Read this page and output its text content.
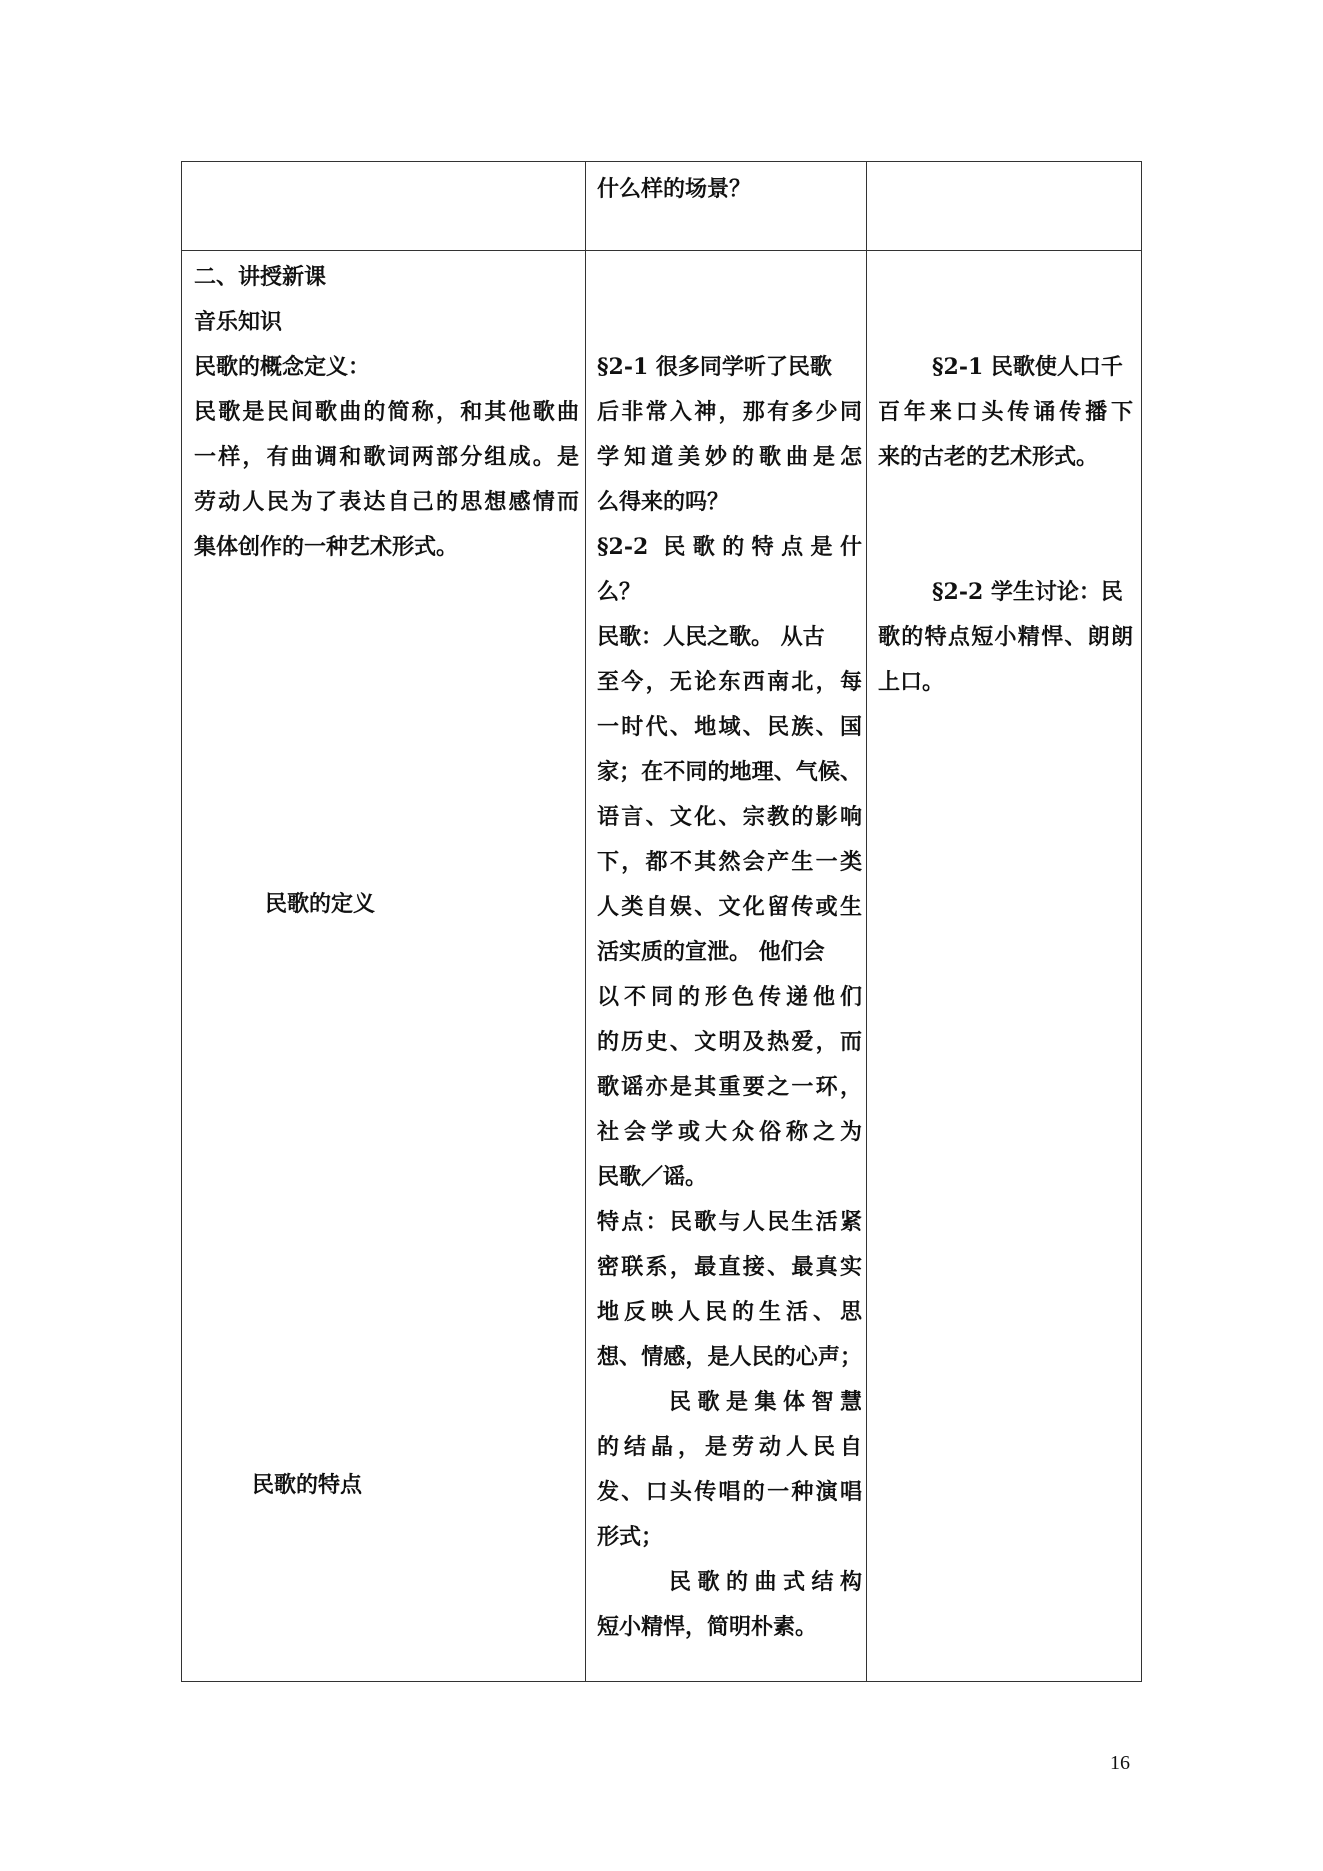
什么样的场景？
二、讲授新课
音乐知识
民歌的概念定义：
民歌是民间歌曲的简称，和其他歌曲
一样，有曲调和歌词两部分组成。是
劳动人民为了表达自己的思想感情而
集体创作的一种艺术形式。
民歌的定义
民歌的特点
§2-1 很多同学听了民歌
后非常入神，那有多少同
学知道美妙的歌曲是怎
么得来的吗？
§2-2 民歌的特点是什
么？
民歌：人民之歌。 从古
至今，无论东西南北，每
一时代、地域、民族、国
家；在不同的地理、气候、
语言、文化、宗教的影响
下，都不其然会产生一类
人类自娱、文化留传或生
活实质的宣泄。 他们会
以不同的形色传递他们
的历史、文明及热爱，而
歌谣亦是其重要之一环，
社会学或大众俗称之为
民歌／谣。
特点：民歌与人民生活紧
密联系，最直接、最真实
地反映人民的生活、思
想、情感，是人民的心声；
民歌是集体智慧
的结晶，是劳动人民自
发、口头传唱的一种演唱
形式；
民歌的曲式结构
短小精悍，简明朴素。
§2-1 民歌使人口千
百年来口头传诵传播下
来的古老的艺术形式。
§2-2 学生讨论：民
歌的特点短小精悍、朗朗
上口。
16
